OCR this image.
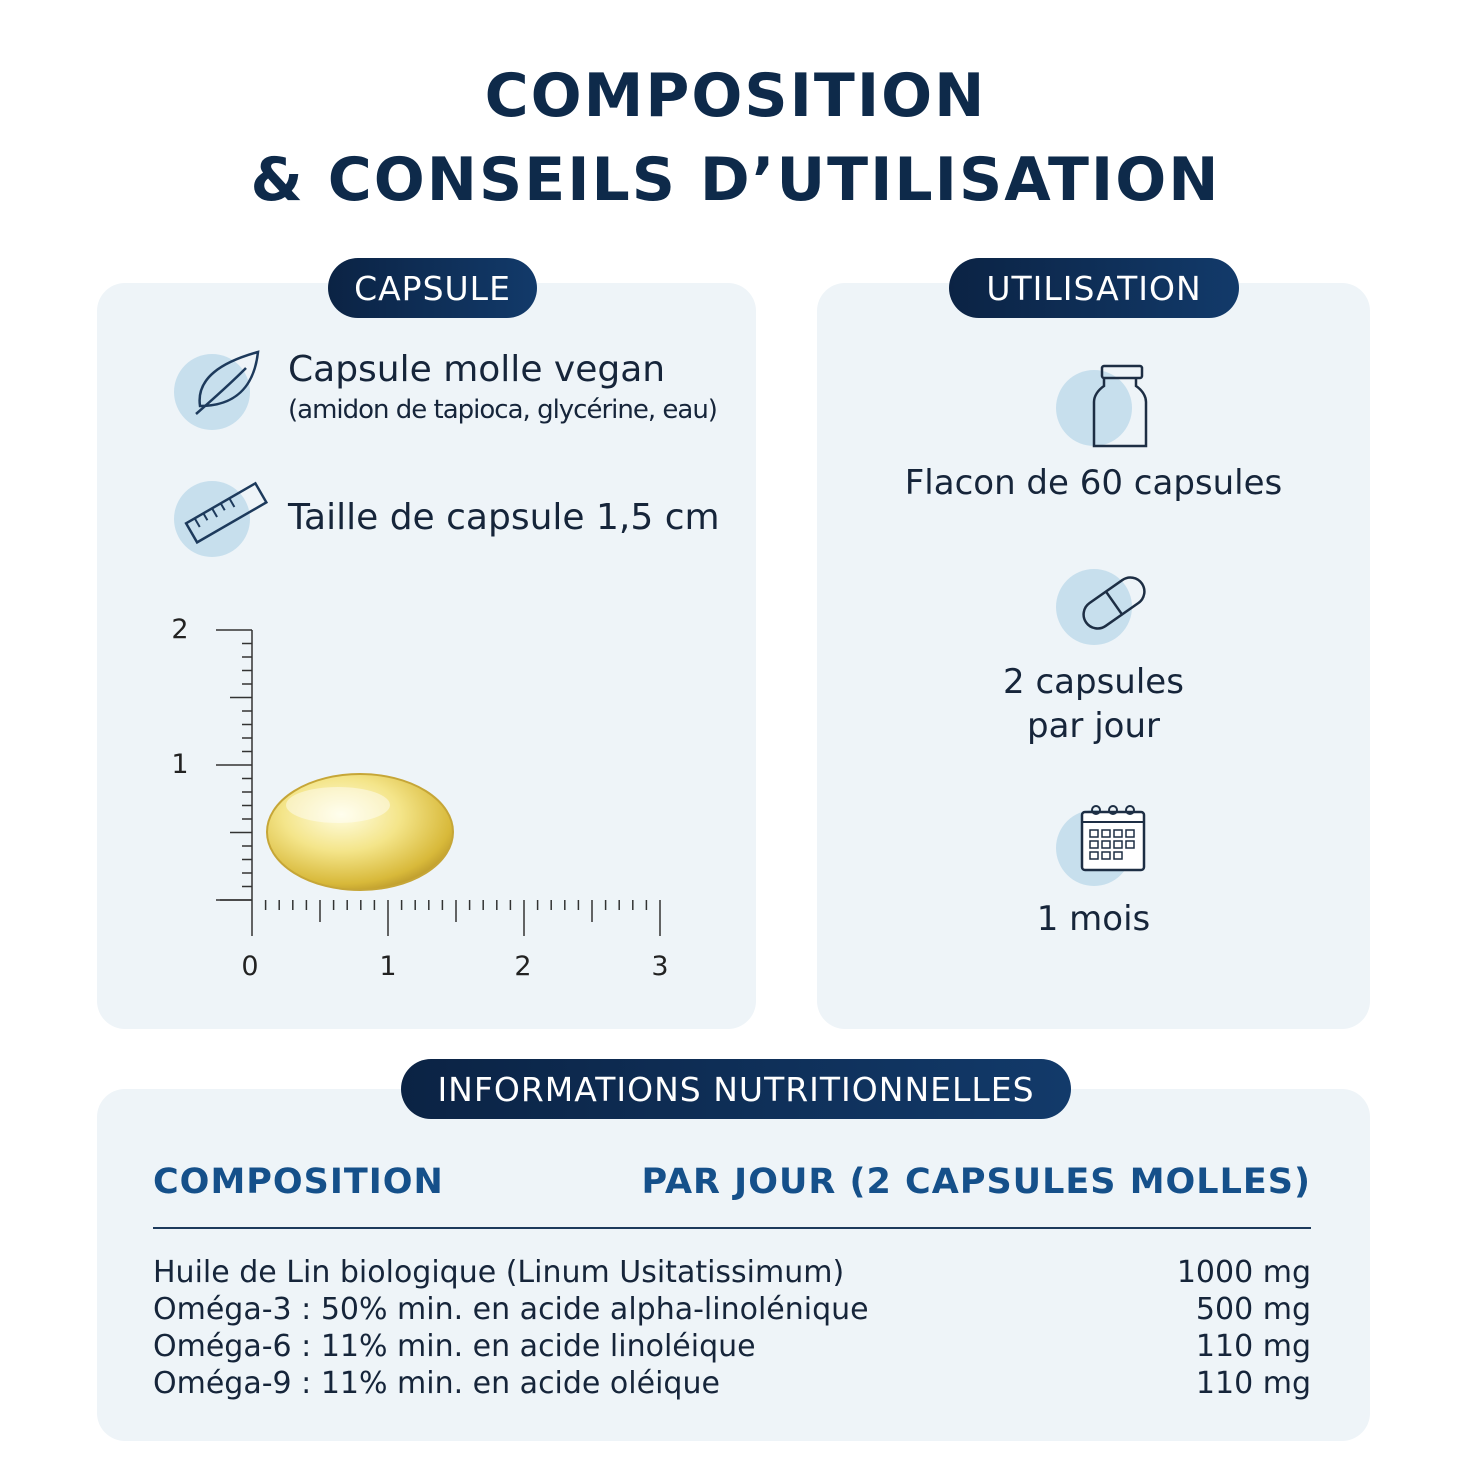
COMPOSITION
& CONSEILS D’UTILISATION
CAPSULE
Capsule molle vegan
(amidon de tapioca, glycérine, eau)
Taille de capsule 1,5 cm
2
1
0	1	2	3
UTILISATION
Flacon de 60 capsules
2 capsules
par jour
1 mois
INFORMATIONS NUTRITIONNELLES
COMPOSITION	PAR JOUR (2 CAPSULES MOLLES)
Huile de Lin biologique (Linum Usitatissimum)	1000 mg
Oméga-3 : 50% min. en acide alpha-linolénique	500 mg
Oméga-6 : 11% min. en acide linoléique	110 mg
Oméga-9 : 11% min. en acide oléique	110 mg
